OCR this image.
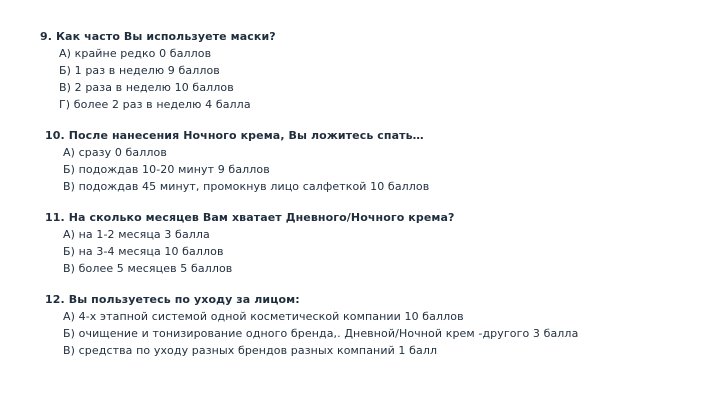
9. Как часто Вы используете маски?
А) крайне редко 0 баллов
Б) 1 раз в неделю 9 баллов
В) 2 раза в неделю 10 баллов
Г) более 2 раз в неделю 4 балла
10. После нанесения Ночного крема, Вы ложитесь спать…
А) сразу 0 баллов
Б) подождав 10-20 минут 9 баллов
В) подождав 45 минут, промокнув лицо салфеткой 10 баллов
11. На сколько месяцев Вам хватает Дневного/Ночного крема?
А) на 1-2 месяца 3 балла
Б) на 3-4 месяца 10 баллов
В) более 5 месяцев 5 баллов
12. Вы пользуетесь по уходу за лицом:
А) 4-х этапной системой одной косметической компании 10 баллов
Б) очищение и тонизирование одного бренда,. Дневной/Ночной крем -другого 3 балла
В) средства по уходу разных брендов разных компаний 1 балл
